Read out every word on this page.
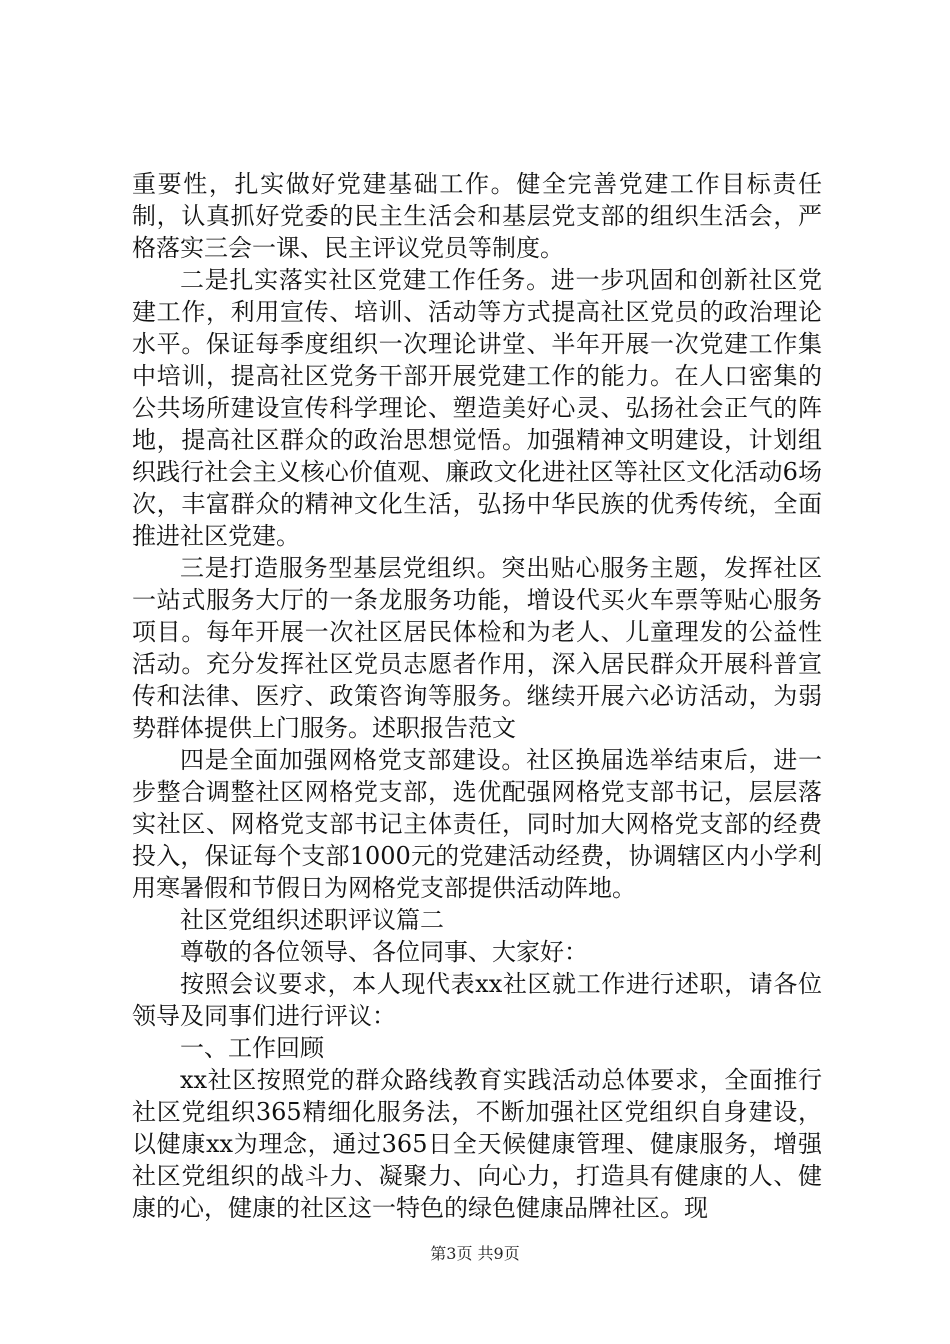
重要性，扎实做好党建基础工作。健全完善党建工作目标责任制，认真抓好党委的民主生活会和基层党支部的组织生活会，严格落实三会一课、民主评议党员等制度。

二是扎实落实社区党建工作任务。进一步巩固和创新社区党建工作，利用宣传、培训、活动等方式提高社区党员的政治理论水平。保证每季度组织一次理论讲堂、半年开展一次党建工作集中培训，提高社区党务干部开展党建工作的能力。在人口密集的公共场所建设宣传科学理论、塑造美好心灵、弘扬社会正气的阵地，提高社区群众的政治思想觉悟。加强精神文明建设，计划组织践行社会主义核心价值观、廉政文化进社区等社区文化活动6场次，丰富群众的精神文化生活，弘扬中华民族的优秀传统，全面推进社区党建。

三是打造服务型基层党组织。突出贴心服务主题，发挥社区一站式服务大厅的一条龙服务功能，增设代买火车票等贴心服务项目。每年开展一次社区居民体检和为老人、儿童理发的公益性活动。充分发挥社区党员志愿者作用，深入居民群众开展科普宣传和法律、医疗、政策咨询等服务。继续开展六必访活动，为弱势群体提供上门服务。述职报告范文

四是全面加强网格党支部建设。社区换届选举结束后，进一步整合调整社区网格党支部，选优配强网格党支部书记，层层落实社区、网格党支部书记主体责任，同时加大网格党支部的经费投入，保证每个支部1000元的党建活动经费，协调辖区内小学利用寒暑假和节假日为网格党支部提供活动阵地。

社区党组织述职评议篇二

尊敬的各位领导、各位同事、大家好：

按照会议要求，本人现代表xx社区就工作进行述职，请各位领导及同事们进行评议：

一、工作回顾

xx社区按照党的群众路线教育实践活动总体要求，全面推行社区党组织365精细化服务法，不断加强社区党组织自身建设，以健康xx为理念，通过365日全天候健康管理、健康服务，增强社区党组织的战斗力、凝聚力、向心力，打造具有健康的人、健康的心，健康的社区这一特色的绿色健康品牌社区。现

第3页 共9页
